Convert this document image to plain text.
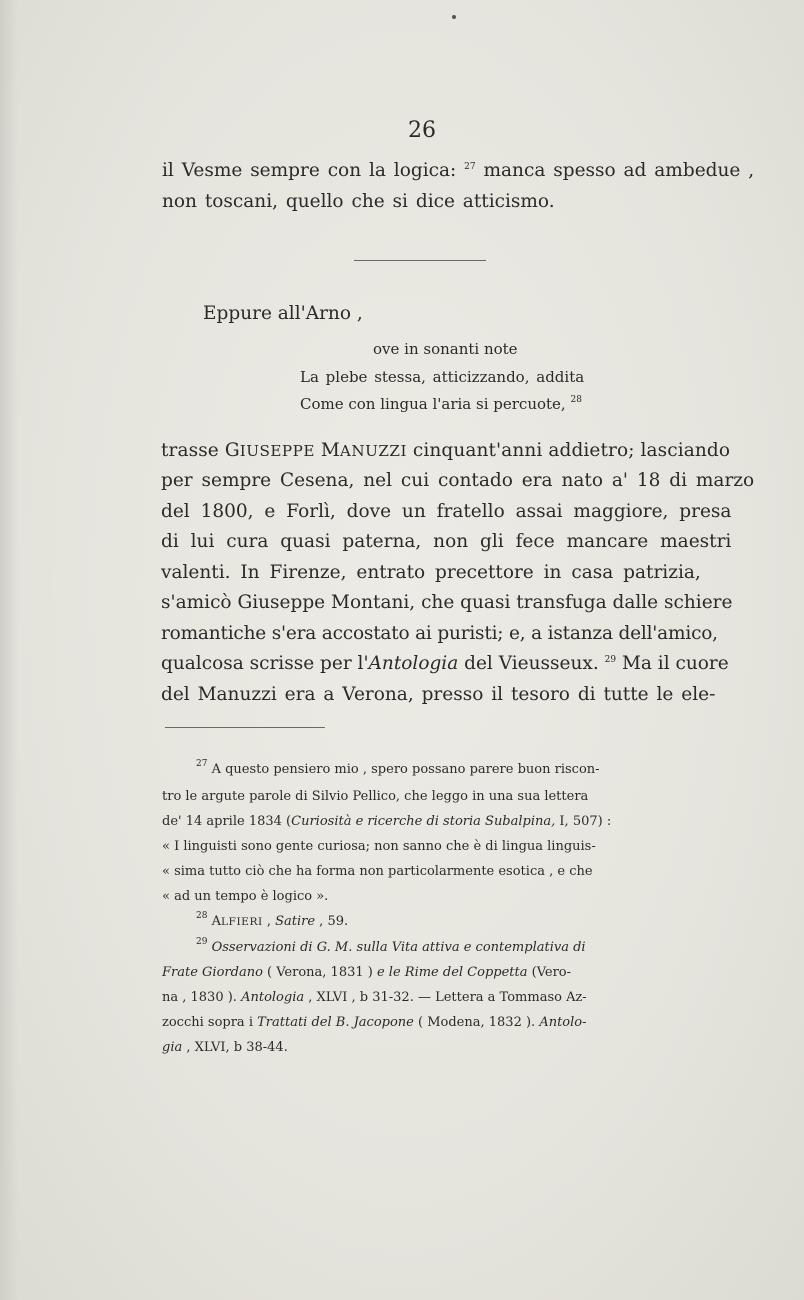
26
il Vesme sempre con la logica: $^{27}$ manca spesso ad ambedue ,
non toscani, quello che si dice atticismo.
Eppure all'Arno ,
ove in sonanti note
La plebe stessa, atticizzando, addita
Come con lingua l'aria si percuote, $^{28}$
trasse GIUSEPPE MANUZZI cinquant'anni addietro; lasciando
per sempre Cesena, nel cui contado era nato a' 18 di marzo
del 1800, e Forlì, dove un fratello assai maggiore, presa
di lui cura quasi paterna, non gli fece mancare maestri
valenti. In Firenze, entrato precettore in casa patrizia,
s'amicò Giuseppe Montani, che quasi transfuga dalle schiere
romantiche s'era accostato ai puristi; e, a istanza dell'amico,
qualcosa scrisse per l'Antologia del Vieusseux. $^{29}$ Ma il cuore
del Manuzzi era a Verona, presso il tesoro di tutte le ele-
$^{27}$ A questo pensiero mio , spero possano parere buon riscon-
tro le argute parole di Silvio Pellico, che leggo in una sua lettera
de' 14 aprile 1834 (Curiosità e ricerche di storia Subalpina, I, 507) :
« I linguisti sono gente curiosa; non sanno che è di lingua linguis-
« sima tutto ciò che ha forma non particolarmente esotica , e che
« ad un tempo è logico ».
$^{28}$ ALFIERI , Satire , 59.
$^{29}$ Osservazioni di G. M. sulla Vita attiva e contemplativa di
Frate Giordano ( Verona, 1831 ) e le Rime del Coppetta (Vero-
na , 1830 ). Antologia , XLVI , b 31-32. — Lettera a Tommaso Az-
zocchi sopra i Trattati del B. Jacopone ( Modena, 1832 ). Antolo-
gia , XLVI, b 38-44.
